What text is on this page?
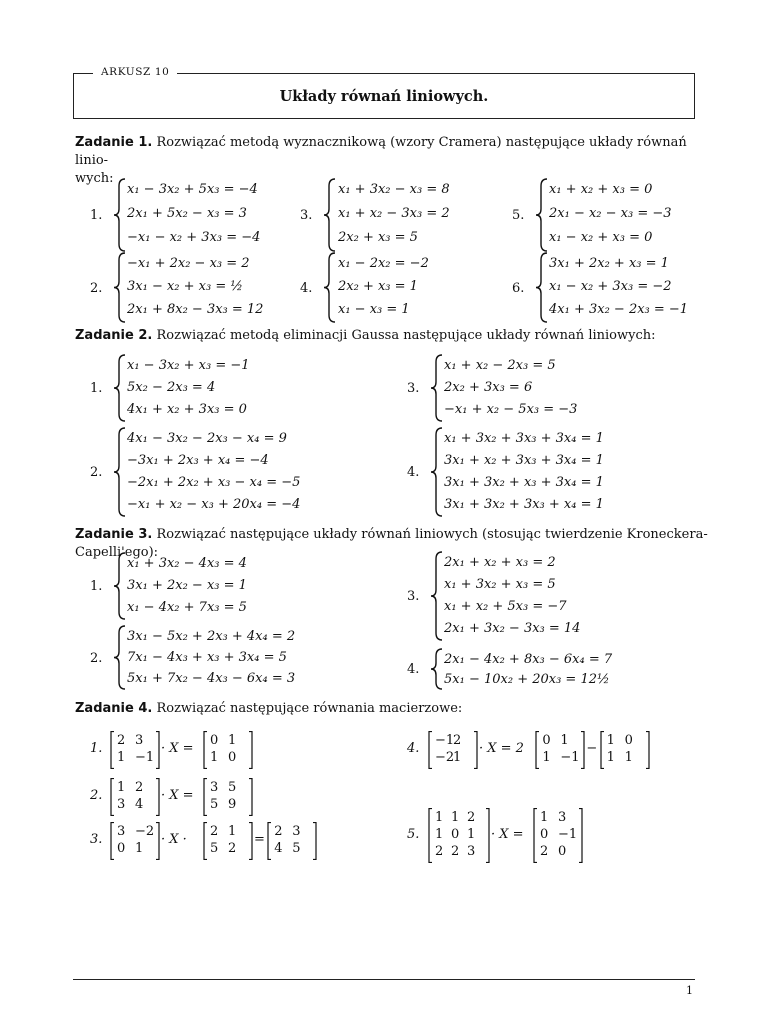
ARKUSZ 10
Układy równań liniowych.
Zadanie 1. Rozwiązać metodą wyznacznikową (wzory Cramera) następujące układy równań linio-
wych:
Zadanie 2. Rozwiązać metodą eliminacji Gaussa następujące układy równań liniowych:
Zadanie 3. Rozwiązać następujące układy równań liniowych (stosując twierdzenie Kroneckera-Capelli'ego):
Zadanie 4. Rozwiązać następujące równania macierzowe:
1.
x₁ − 3x₂ + 5x₃ = −4
2x₁ + 5x₂ − x₃ = 3
−x₁ − x₂ + 3x₃ = −4
3.
x₁ + 3x₂ − x₃ = 8
x₁ + x₂ − 3x₃ = 2
2x₂ + x₃ = 5
5.
x₁ + x₂ + x₃ = 0
2x₁ − x₂ − x₃ = −3
x₁ − x₂ + x₃ = 0
2.
−x₁ + 2x₂ − x₃ = 2
3x₁ − x₂ + x₃ = ½
2x₁ + 8x₂ − 3x₃ = 12
4.
x₁ − 2x₂ = −2
2x₂ + x₃ = 1
x₁ − x₃ = 1
6.
3x₁ + 2x₂ + x₃ = 1
x₁ − x₂ + 3x₃ = −2
4x₁ + 3x₂ − 2x₃ = −1
1.
x₁ − 3x₂ + x₃ = −1
5x₂ − 2x₃ = 4
4x₁ + x₂ + 3x₃ = 0
3.
x₁ + x₂ − 2x₃ = 5
2x₂ + 3x₃ = 6
−x₁ + x₂ − 5x₃ = −3
2.
4x₁ − 3x₂ − 2x₃ − x₄ = 9
−3x₁ + 2x₃ + x₄ = −4
−2x₁ + 2x₂ + x₃ − x₄ = −5
−x₁ + x₂ − x₃ + 20x₄ = −4
4.
x₁ + 3x₂ + 3x₃ + 3x₄ = 1
3x₁ + x₂ + 3x₃ + 3x₄ = 1
3x₁ + 3x₂ + x₃ + 3x₄ = 1
3x₁ + 3x₂ + 3x₃ + x₄ = 1
1.
x₁ + 3x₂ − 4x₃ = 4
3x₁ + 2x₂ − x₃ = 1
x₁ − 4x₂ + 7x₃ = 5
3.
2x₁ + x₂ + x₃ = 2
x₁ + 3x₂ + x₃ = 5
x₁ + x₂ + 5x₃ = −7
2x₁ + 3x₂ − 3x₃ = 14
2.
3x₁ − 5x₂ + 2x₃ + 4x₄ = 2
7x₁ − 4x₃ + x₃ + 3x₄ = 5
5x₁ + 7x₂ − 4x₃ − 6x₄ = 3
4.
2x₁ − 4x₂ + 8x₃ − 6x₄ = 7
5x₁ − 10x₂ + 20x₃ = 12½
1.
2 3
1 −1
· X =
0 1
1 0
4.
−1
2
−2
1
· X = 2
0 1
1 −1
−
1 0
1 1
2.
1 2
3 4
· X =
3 5
5 9
3.
3 −2
0 1
· X ·
2 1
5 2
=
2 3
4 5
5.
1 1 2
1 0 1
2 2 3
· X =
1 3
0 −1
2 0
1
